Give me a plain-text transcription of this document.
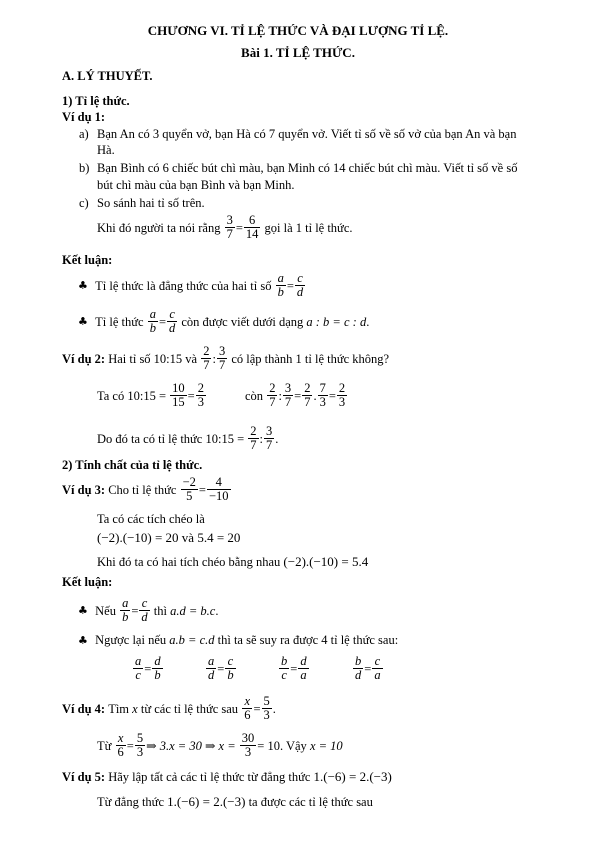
CHƯƠNG VI. TỈ LỆ THỨC VÀ ĐẠI LƯỢNG TỈ LỆ.
Bài 1. TỈ LỆ THỨC.
A. LÝ THUYẾT.
1) Tỉ lệ thức.
Ví dụ 1:
a) Bạn An có 3 quyển vở, bạn Hà có 7 quyển vở. Viết tỉ số về số vở của bạn An và bạn
Hà.
b) Bạn Bình có 6 chiếc bút chì màu, bạn Minh có 14 chiếc bút chì màu. Viết tỉ số về số
bút chì màu của bạn Bình và bạn Minh.
c) So sánh hai tỉ số trên.
Khi đó người ta nói rằng $\frac{3}{7} = \frac{6}{14}$ gọi là 1 tỉ lệ thức.
Kết luận:
♣ Tỉ lệ thức là đẳng thức của hai tỉ số $\frac{a}{b} = \frac{c}{d}$
♣ Tỉ lệ thức $\frac{a}{b} = \frac{c}{d}$ còn được viết dưới dạng a : b = c : d.
Ví dụ 2: Hai tỉ số 10:15 và $\frac{2}{7}$ : $\frac{3}{7}$ có lập thành 1 tỉ lệ thức không?
Ta có 10:15 = $\frac{10}{15} = \frac{2}{3}$	còn $\frac{2}{7}$ : $\frac{3}{7} = \frac{2}{7}$ . $\frac{7}{3} = \frac{2}{3}$
Do đó ta có tỉ lệ thức 10:15 = $\frac{2}{7}$ : $\frac{3}{7}$ .
2) Tính chất của tỉ lệ thức.
Ví dụ 3: Cho tỉ lệ thức $\frac{-2}{5} = \frac{4}{-10}$
Ta có các tích chéo là
(−2).(−10) = 20 và 5.4 = 20
Khi đó ta có hai tích chéo bằng nhau (−2).(−10) = 5.4
Kết luận:
♣ Nếu $\frac{a}{b} = \frac{c}{d}$ thì a.d = b.c.
♣ Ngược lại nếu a.b = c.d thì ta sẽ suy ra được 4 tỉ lệ thức sau:
$\frac{a}{c} = \frac{d}{b}$	$\frac{a}{d} = \frac{c}{b}$	$\frac{b}{c} = \frac{d}{a}$	$\frac{b}{d} = \frac{c}{a}$
Ví dụ 4: Tìm x từ các tỉ lệ thức sau $\frac{x}{6} = \frac{5}{3}$ .
Từ $\frac{x}{6} = \frac{5}{3}$ ⇒ 3.x = 30 ⇒ $x = \frac{30}{3} = 10$. Vậy x = 10
Ví dụ 5: Hãy lập tất cả các tỉ lệ thức từ đẳng thức 1.(−6) = 2.(−3)
Từ đẳng thức 1.(−6) = 2.(−3) ta được các tỉ lệ thức sau
